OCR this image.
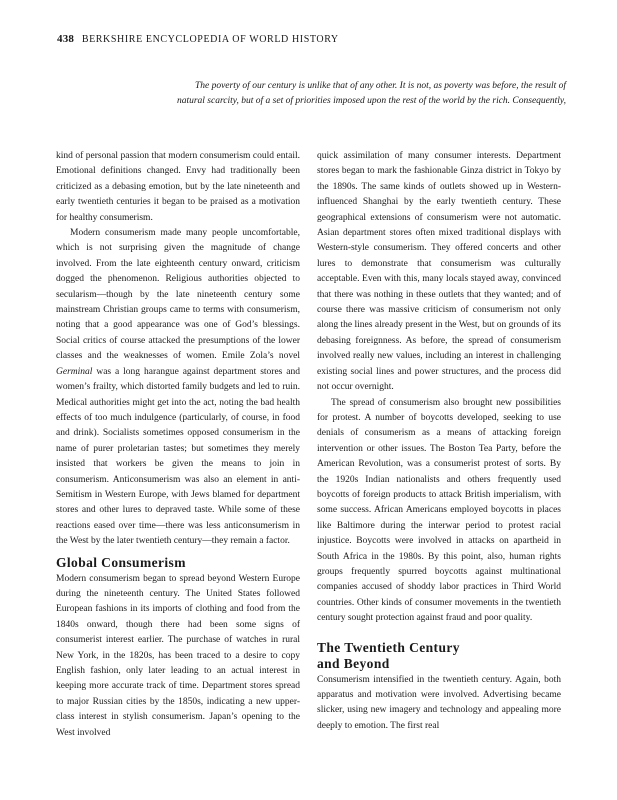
438 BERKSHIRE ENCYCLOPEDIA OF WORLD HISTORY
The poverty of our century is unlike that of any other. It is not, as poverty was before, the result of
natural scarcity, but of a set of priorities imposed upon the rest of the world by the rich. Consequently,

kind of personal passion that modern consumerism could entail. Emotional definitions changed. Envy had traditionally been criticized as a debasing emotion, but by the late nineteenth and early twentieth centuries it began to be praised as a motivation for healthy consumerism.

Modern consumerism made many people uncomfortable, which is not surprising given the magnitude of change involved. From the late eighteenth century onward, criticism dogged the phenomenon. Religious authorities objected to secularism—though by the late nineteenth century some mainstream Christian groups came to terms with consumerism, noting that a good appearance was one of God’s blessings. Social critics of course attacked the presumptions of the lower classes and the weaknesses of women. Emile Zola’s novel Germinal was a long harangue against department stores and women’s frailty, which distorted family budgets and led to ruin. Medical authorities might get into the act, noting the bad health effects of too much indulgence (particularly, of course, in food and drink). Socialists sometimes opposed consumerism in the name of purer proletarian tastes; but sometimes they merely insisted that workers be given the means to join in consumerism. Anticonsumerism was also an element in anti-Semitism in Western Europe, with Jews blamed for department stores and other lures to depraved taste. While some of these reactions eased over time—there was less anticonsumerism in the West by the later twentieth century—they remain a factor.

Global Consumerism

Modern consumerism began to spread beyond Western Europe during the nineteenth century. The United States followed European fashions in its imports of clothing and food from the 1840s onward, though there had been some signs of consumerist interest earlier. The purchase of watches in rural New York, in the 1820s, has been traced to a desire to copy English fashion, only later leading to an actual interest in keeping more accurate track of time. Department stores spread to major Russian cities by the 1850s, indicating a new upper-class interest in stylish consumerism. Japan’s opening to the West involved

quick assimilation of many consumer interests. Department stores began to mark the fashionable Ginza district in Tokyo by the 1890s. The same kinds of outlets showed up in Western-influenced Shanghai by the early twentieth century. These geographical extensions of consumerism were not automatic. Asian department stores often mixed traditional displays with Western-style consumerism. They offered concerts and other lures to demonstrate that consumerism was culturally acceptable. Even with this, many locals stayed away, convinced that there was nothing in these outlets that they wanted; and of course there was massive criticism of consumerism not only along the lines already present in the West, but on grounds of its debasing foreignness. As before, the spread of consumerism involved really new values, including an interest in challenging existing social lines and power structures, and the process did not occur overnight.

The spread of consumerism also brought new possibilities for protest. A number of boycotts developed, seeking to use denials of consumerism as a means of attacking foreign intervention or other issues. The Boston Tea Party, before the American Revolution, was a consumerist protest of sorts. By the 1920s Indian nationalists and others frequently used boycotts of foreign products to attack British imperialism, with some success. African Americans employed boycotts in places like Baltimore during the interwar period to protest racial injustice. Boycotts were involved in attacks on apartheid in South Africa in the 1980s. By this point, also, human rights groups frequently spurred boycotts against multinational companies accused of shoddy labor practices in Third World countries. Other kinds of consumer movements in the twentieth century sought protection against fraud and poor quality.

The Twentieth Century
and Beyond

Consumerism intensified in the twentieth century. Again, both apparatus and motivation were involved. Advertising became slicker, using new imagery and technology and appealing more deeply to emotion. The first real
